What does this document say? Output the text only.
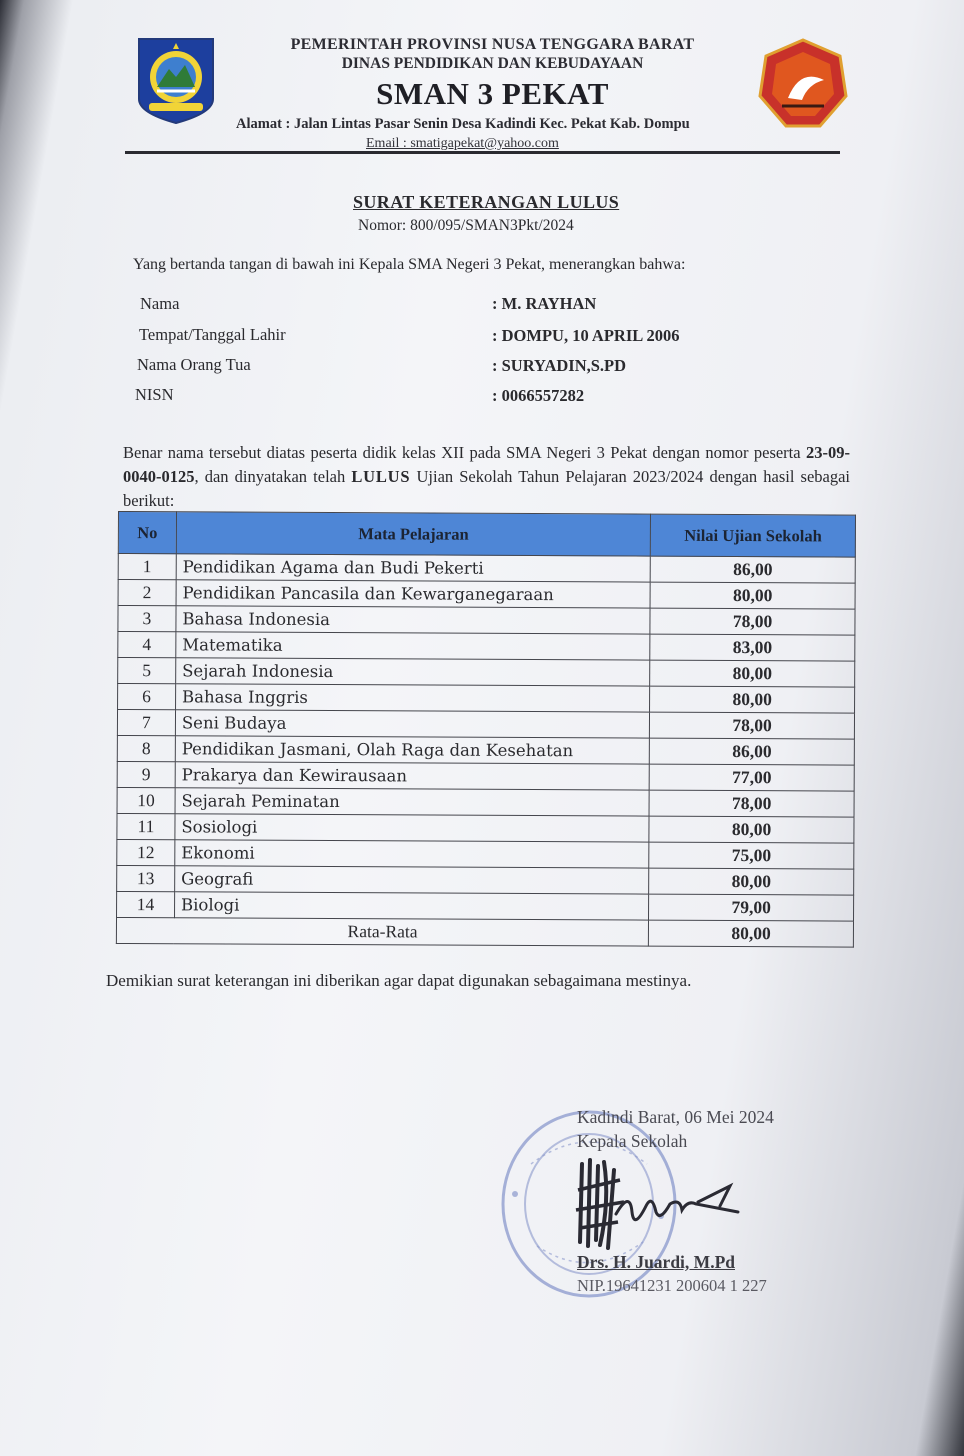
PEMERINTAH PROVINSI NUSA TENGGARA BARAT
DINAS PENDIDIKAN DAN KEBUDAYAAN
SMAN 3 PEKAT
Alamat : Jalan Lintas Pasar Senin Desa Kadindi Kec. Pekat Kab. Dompu
Email : smatigapekat@yahoo.com
SURAT KETERANGAN LULUS
Nomor: 800/095/SMAN3Pkt/2024
Yang bertanda tangan di bawah ini Kepala SMA Negeri 3 Pekat, menerangkan bahwa:
Nama	: M. RAYHAN
Tempat/Tanggal Lahir	: DOMPU, 10 APRIL 2006
Nama Orang Tua	: SURYADIN,S.PD
NISN	: 0066557282
Benar nama tersebut diatas peserta didik kelas XII pada SMA Negeri 3 Pekat dengan nomor peserta 23-09-0040-0125, dan dinyatakan telah LULUS Ujian Sekolah Tahun Pelajaran 2023/2024 dengan hasil sebagai berikut:
No	Mata Pelajaran	Nilai Ujian Sekolah
1	Pendidikan Agama dan Budi Pekerti	86,00
2	Pendidikan Pancasila dan Kewarganegaraan	80,00
3	Bahasa Indonesia	78,00
4	Matematika	83,00
5	Sejarah Indonesia	80,00
6	Bahasa Inggris	80,00
7	Seni Budaya	78,00
8	Pendidikan Jasmani, Olah Raga dan Kesehatan	86,00
9	Prakarya dan Kewirausaan	77,00
10	Sejarah Peminatan	78,00
11	Sosiologi	80,00
12	Ekonomi	75,00
13	Geografi	80,00
14	Biologi	79,00
Rata-Rata		80,00
Demikian surat keterangan ini diberikan agar dapat digunakan sebagaimana mestinya.
Kadindi Barat, 06 Mei 2024
Kepala Sekolah
Drs. H. Juardi, M.Pd
NIP.19641231 200604 1 227
